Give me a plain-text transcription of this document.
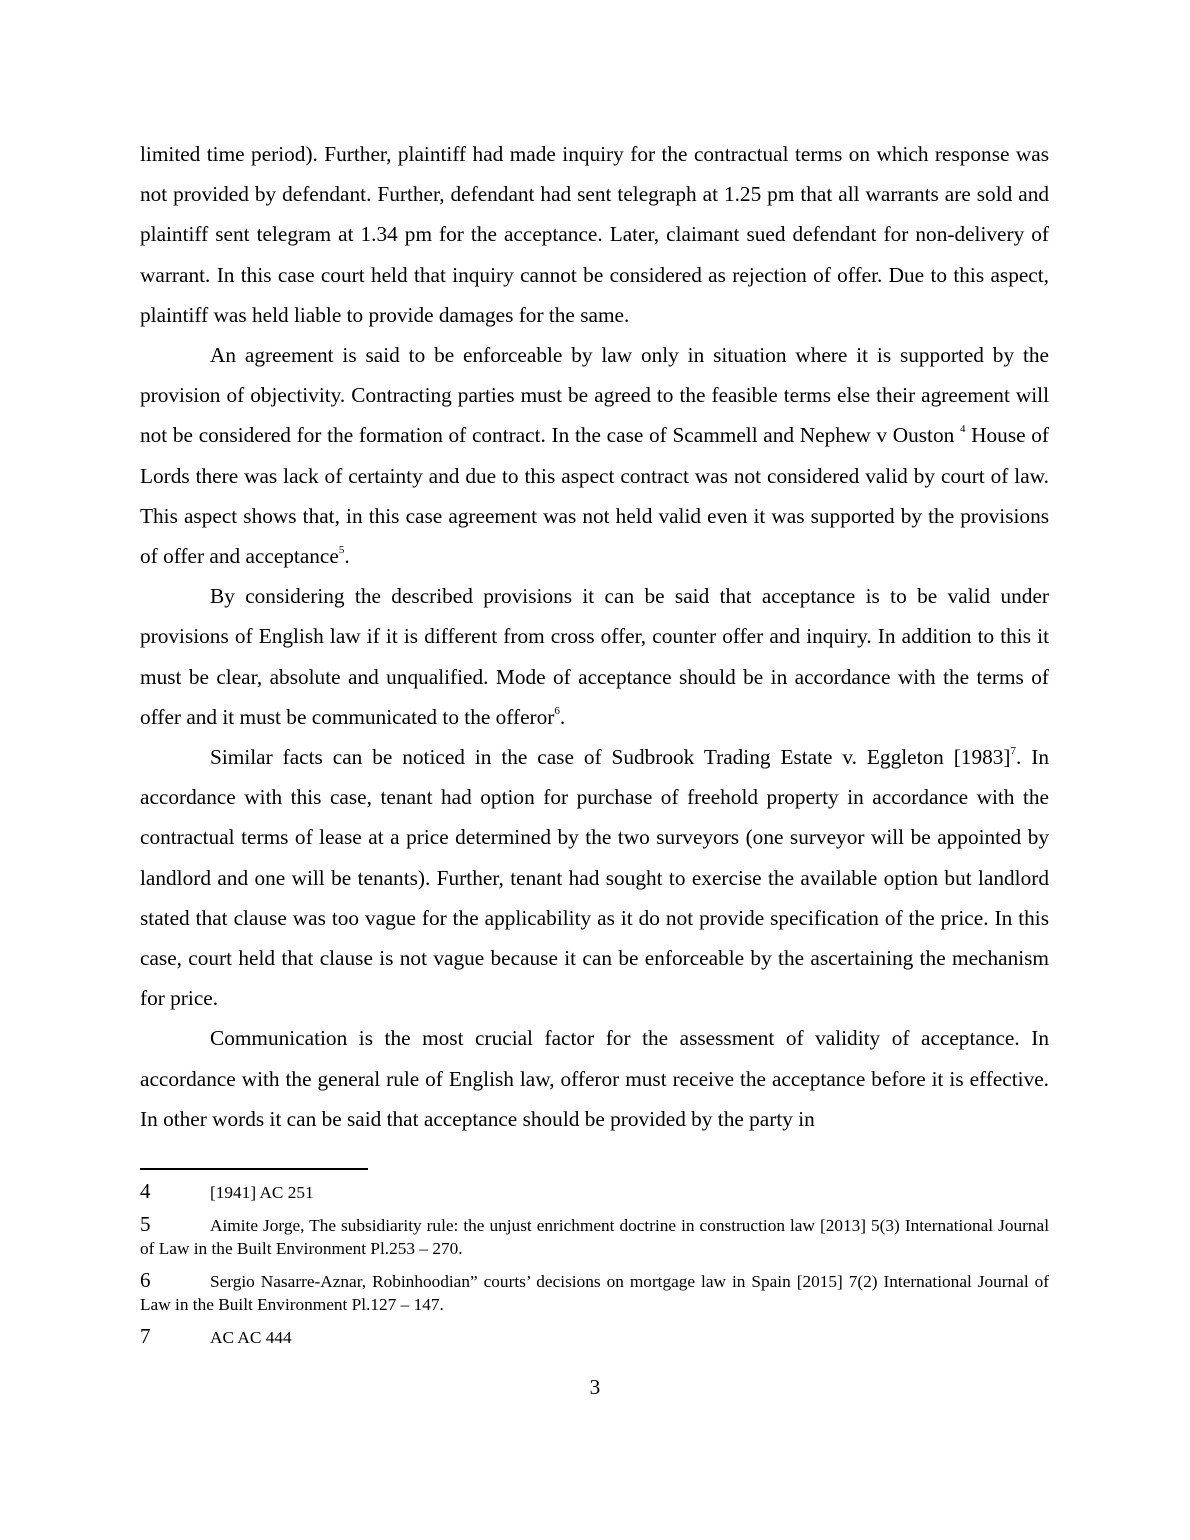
limited time period). Further, plaintiff had made inquiry for the contractual terms on which response was not provided by defendant. Further, defendant had sent telegraph at 1.25 pm that all warrants are sold and plaintiff sent telegram at 1.34 pm for the acceptance. Later, claimant sued defendant for non-delivery of warrant. In this case court held that inquiry cannot be considered as rejection of offer. Due to this aspect, plaintiff was held liable to provide damages for the same.

An agreement is said to be enforceable by law only in situation where it is supported by the provision of objectivity. Contracting parties must be agreed to the feasible terms else their agreement will not be considered for the formation of contract. In the case of Scammell and Nephew v Ouston $^4$ House of Lords there was lack of certainty and due to this aspect contract was not considered valid by court of law. This aspect shows that, in this case agreement was not held valid even it was supported by the provisions of offer and acceptance$^5$.

By considering the described provisions it can be said that acceptance is to be valid under provisions of English law if it is different from cross offer, counter offer and inquiry. In addition to this it must be clear, absolute and unqualified. Mode of acceptance should be in accordance with the terms of offer and it must be communicated to the offeror$^6$.

Similar facts can be noticed in the case of Sudbrook Trading Estate v. Eggleton $[1983]^7$. In accordance with this case, tenant had option for purchase of freehold property in accordance with the contractual terms of lease at a price determined by the two surveyors (one surveyor will be appointed by landlord and one will be tenants). Further, tenant had sought to exercise the available option but landlord stated that clause was too vague for the applicability as it do not provide specification of the price. In this case, court held that clause is not vague because it can be enforceable by the ascertaining the mechanism for price.

Communication is the most crucial factor for the assessment of validity of acceptance. In accordance with the general rule of English law, offeror must receive the acceptance before it is effective. In other words it can be said that acceptance should be provided by the party in

4	[1941] AC 251
5	Aimite Jorge, The subsidiarity rule: the unjust enrichment doctrine in construction law [2013] 5(3) International Journal of Law in the Built Environment Pl.253 – 270.
6	Sergio Nasarre-Aznar, Robinhoodian” courts’ decisions on mortgage law in Spain [2015] 7(2) International Journal of Law in the Built Environment Pl.127 – 147.
7	AC AC 444
3
